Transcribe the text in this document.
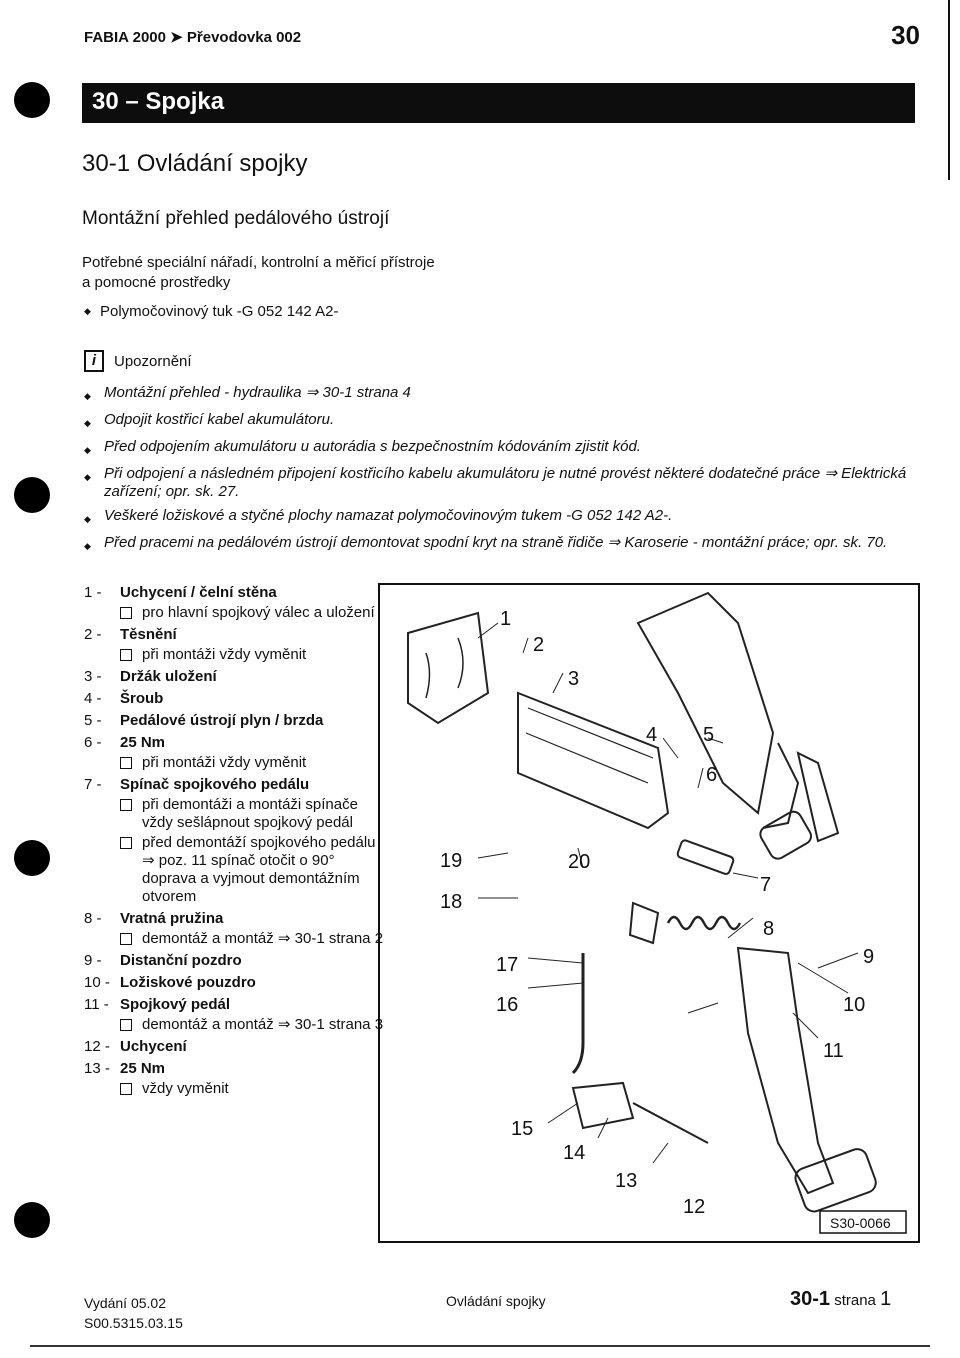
FABIA 2000 ➤ Převodovka 002	30
30 – Spojka
30-1 Ovládání spojky
Montážní přehled pedálového ústrojí
Potřebné speciální nářadí, kontrolní a měřicí přístroje
a pomocné prostředky
◆ Polymočovinový tuk -G 052 142 A2-
i	Upozornění
◆ Montážní přehled - hydraulika ⇒ 30-1 strana 4
◆ Odpojit kostřicí kabel akumulátoru.
◆ Před odpojením akumulátoru u autorádia s bezpečnostním kódováním zjistit kód.
◆ Při odpojení a následném připojení kostřicího kabelu akumulátoru je nutné provést některé dodatečné práce ⇒ Elektrická zařízení; opr. sk. 27.
◆ Veškeré ložiskové a styčné plochy namazat polymočovinovým tukem -G 052 142 A2-.
◆ Před pracemi na pedálovém ústrojí demontovat spodní kryt na straně řidiče ⇒ Karoserie - montážní práce; opr. sk. 70.
1 -	Uchycení / čelní stěna
pro hlavní spojkový válec a uložení
2 -	Těsnění
při montáži vždy vyměnit
3 -	Držák uložení
4 -	Šroub
5 -	Pedálové ústrojí plyn / brzda
6 -	25 Nm
při montáži vždy vyměnit
7 -	Spínač spojkového pedálu
při demontáži a montáži spínače vždy sešlápnout spojkový pedál
před demontáží spojkového pedálu ⇒ poz. 11 spínač otočit o 90° doprava a vyjmout demontážním otvorem
8 -	Vratná pružina
demontáž a montáž ⇒ 30-1 strana 2
9 -	Distanční pozdro
10 - Ložiskové pouzdro
11 - Spojkový pedál
demontáž a montáž ⇒ 30-1 strana 3
12 - Uchycení
13 - 25 Nm
vždy vyměnit
1
2
3
4 5
6
7
8
9
10
11
12
13
14
15
16
17
18
19	20
S30-0066
Vydání 05.02
S00.5315.03.15
Ovládání spojky	30-1 strana 1
